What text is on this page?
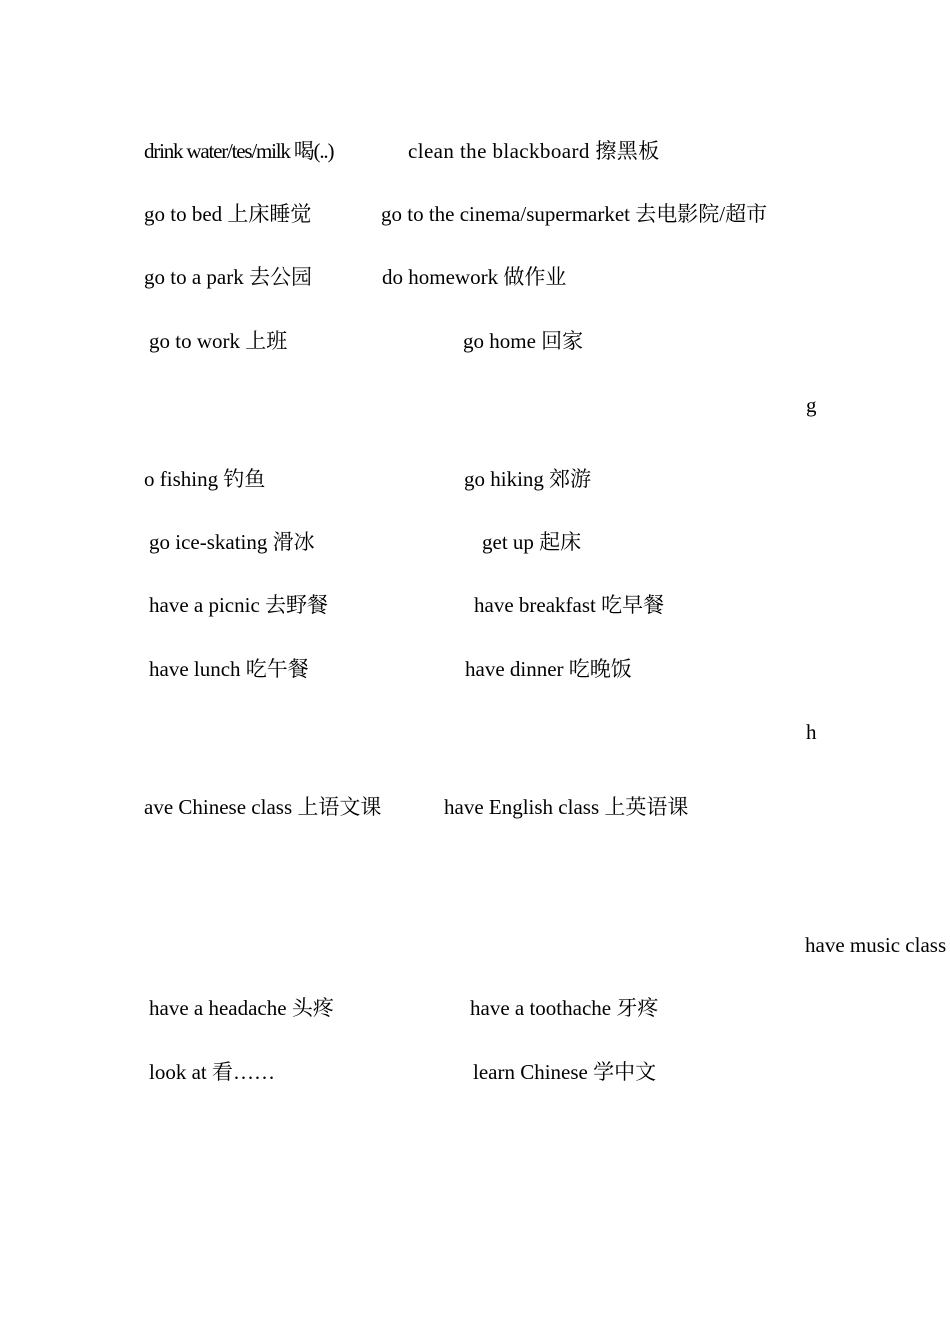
drink water/tes/milk 喝(..)	clean the blackboard 擦黑板
go to bed 上床睡觉	go to the cinema/supermarket 去电影院/超市
go to a park 去公园	do homework 做作业
go to work 上班	go home 回家
g
o fishing 钓鱼	go hiking 郊游
go ice-skating 滑冰	get up 起床
have a picnic 去野餐	have breakfast 吃早餐
have lunch 吃午餐	have dinner 吃晚饭
h
ave Chinese class 上语文课	have English class 上英语课
have music class
have a headache 头疼	have a toothache 牙疼
look at 看……	learn Chinese 学中文
